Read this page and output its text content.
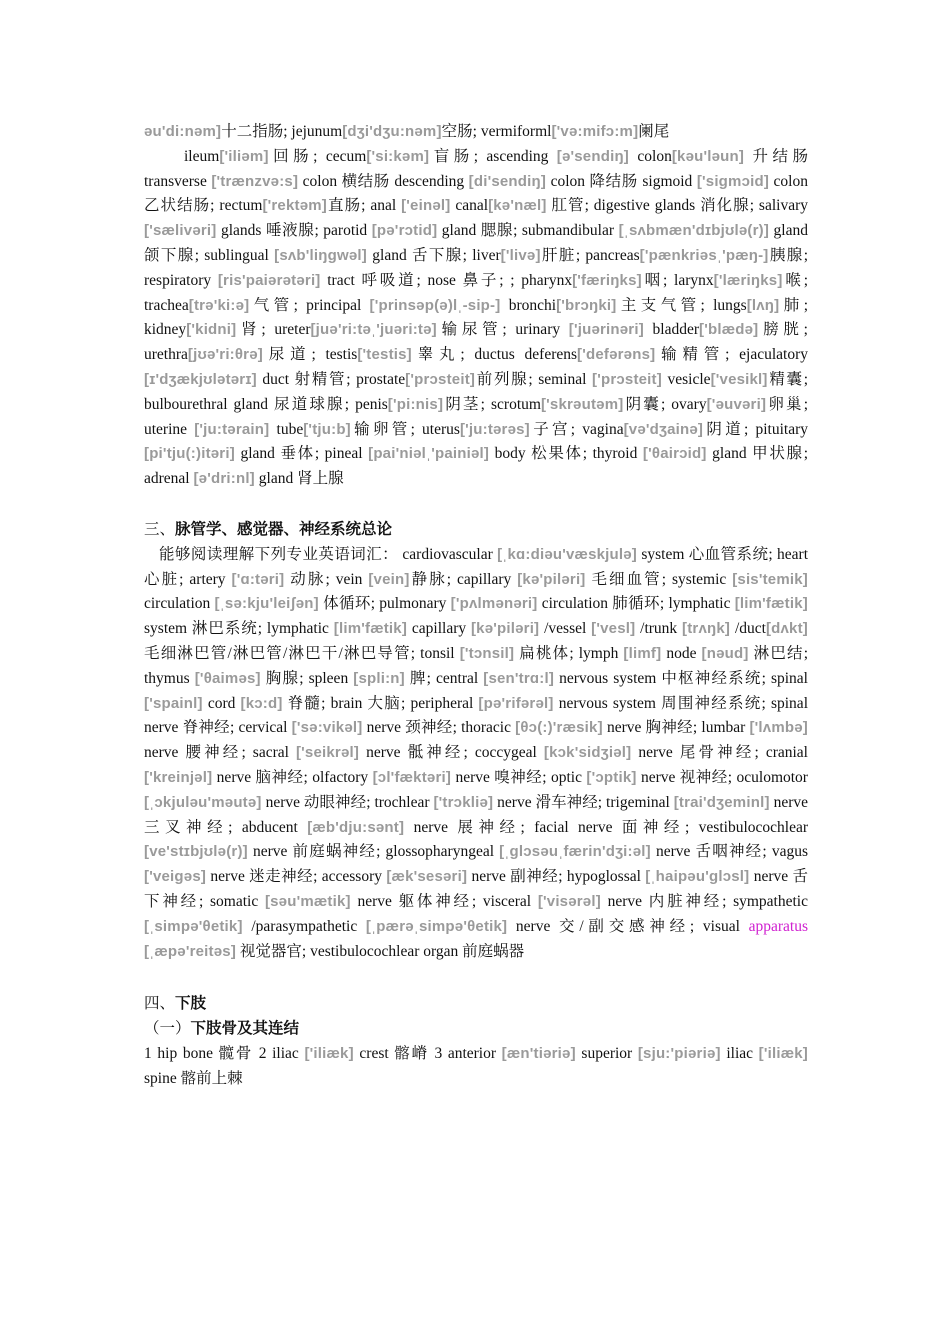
əu'di:nəm]十二指肠; jejunum[dʒi'dʒu:nəm]空肠; vermiforml['və:mifɔ:m]阑尾

ileum['iliəm]回肠; cecum['si:kəm]盲肠; ascending [ə'sendiŋ] colon[kəu'ləun] 升结肠 transverse ['trænzvə:s] colon 横结肠 descending [di'sendiŋ] colon 降结肠 sigmoid ['sigmɔid] colon 乙状结肠; rectum['rektəm]直肠; anal ['einəl] canal[kə'næl] 肛管; digestive glands 消化腺; salivary ['sælivəri] glands 唾液腺; parotid [pə'rɔtid] gland 腮腺; submandibular [ˌsʌbmæn'dɪbjʊlə(r)] gland 颌下腺; sublingual [sʌb'liŋgwəl] gland 舌下腺; liver['livə]肝脏; pancreas['pænkriəsˌ'pæŋ-]胰腺; respiratory [ris'paiərətəri] tract 呼吸道; nose 鼻子; ; pharynx['færiŋks]咽; larynx['læriŋks]喉; trachea[trə'ki:ə]气管; principal ['prinsəp(ə)lˌ-sip-] bronchi['brɔŋki]主支气管; lungs[lʌŋ]肺; kidney['kidni]肾; ureter[juə'ri:təˌ'juəri:tə]输尿管; urinary ['juərinəri] bladder['blædə]膀胱; urethra[jʊə'ri:θrə]尿道; testis['testis]睾丸; ductus deferens['defərəns]输精管; ejaculatory [ɪ'dʒækjʊlətərɪ] duct 射精管; prostate['prɔsteit]前列腺; seminal ['prɔsteit] vesicle['vesikl]精囊; bulbourethral gland 尿道球腺; penis['pi:nis]阴茎; scrotum['skrəutəm]阴囊; ovary['əuvəri]卵巢; uterine ['ju:tərain] tube['tju:b]输卵管; uterus['ju:tərəs]子宫; vagina[və'dʒainə]阴道; pituitary [pi'tju(:)itəri] gland 垂体; pineal [pai'niəlˌ'painiəl] body 松果体; thyroid ['θairɔid] gland 甲状腺; adrenal [ə'dri:nl] gland 肾上腺

三、脉管学、感觉器、神经系统总论

能够阅读理解下列专业英语词汇： cardiovascular [ˌkɑ:diəu'væskjulə] system 心血管系统; heart 心脏; artery ['ɑ:təri] 动脉; vein [vein]静脉; capillary [kə'piləri] 毛细血管; systemic [sis'temik] circulation [ˌsə:kju'leiʃən] 体循环; pulmonary ['pʌlmənəri] circulation 肺循环; lymphatic [lim'fætik] system 淋巴系统; lymphatic [lim'fætik] capillary [kə'piləri] /vessel ['vesl] /trunk [trʌŋk] /duct[dʌkt]毛细淋巴管/淋巴管/淋巴干/淋巴导管; tonsil ['tɔnsil] 扁桃体; lymph [limf] node [nəud] 淋巴结; thymus ['θaiməs] 胸腺; spleen [spli:n] 脾; central [sen'trɑ:l] nervous system 中枢神经系统; spinal ['spainl] cord [kɔ:d] 脊髓; brain 大脑; peripheral [pə'rifərəl] nervous system 周围神经系统; spinal nerve 脊神经; cervical ['sə:vikəl] nerve 颈神经; thoracic [θɔ(:)'ræsik] nerve 胸神经; lumbar ['lʌmbə] nerve 腰神经; sacral ['seikrəl] nerve 骶神经; coccygeal [kɔk'sidʒiəl] nerve 尾骨神经; cranial ['kreinjəl] nerve 脑神经; olfactory [ɔl'fæktəri] nerve 嗅神经; optic ['ɔptik] nerve 视神经; oculomotor [ˌɔkjuləu'məutə] nerve 动眼神经; trochlear ['trɔkliə] nerve 滑车神经; trigeminal [trai'dʒeminl] nerve 三叉神经; abducent [æb'dju:sənt] nerve 展神经; facial nerve 面神经; vestibulocochlear [ve'stɪbjʊlə(r)] nerve 前庭蜗神经; glossopharyngeal [ˌglɔsəuˌfærin'dʒi:əl] nerve 舌咽神经; vagus ['veigəs] nerve 迷走神经; accessory [æk'sesəri] nerve 副神经; hypoglossal [ˌhaipəu'glɔsl] nerve 舌下神经; somatic [səu'mætik] nerve 躯体神经; visceral ['visərəl] nerve 内脏神经; sympathetic [ˌsimpə'θetik] /parasympathetic [ˌpærəˌsimpə'θetik] nerve 交/副交感神经; visual apparatus [ˌæpə'reitəs] 视觉器官; vestibulocochlear organ 前庭蜗器

四、下肢

（一）下肢骨及其连结

1 hip bone 髋骨 2 iliac ['iliæk] crest 髂嵴 3 anterior [æn'tiəriə] superior [sju:'piəriə] iliac ['iliæk] spine 髂前上棘
